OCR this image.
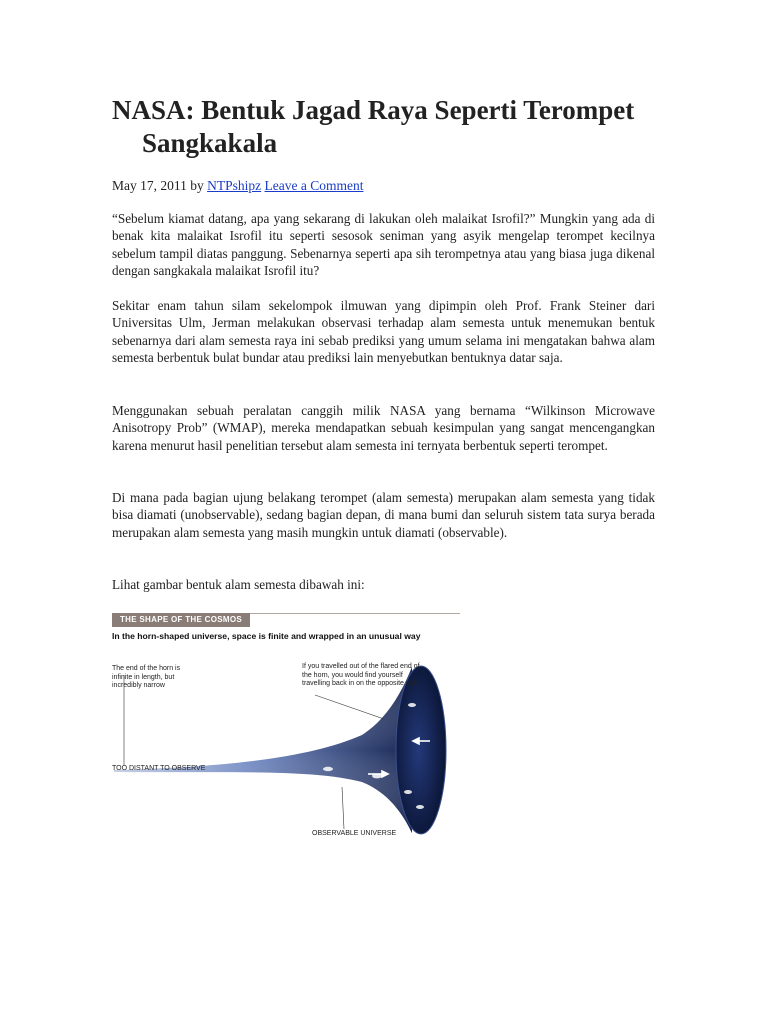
NASA: Bentuk Jagad Raya Seperti Terompet Sangkakala
May 17, 2011 by NTPshipz Leave a Comment

“Sebelum kiamat datang, apa yang sekarang di lakukan oleh malaikat Isrofil?” Mungkin yang ada di benak kita malaikat Isrofil itu seperti sesosok seniman yang asyik mengelap terompet kecilnya sebelum tampil diatas panggung. Sebenarnya seperti apa sih terompetnya atau yang biasa juga dikenal dengan sangkakala malaikat Isrofil itu?

Sekitar enam tahun silam sekelompok ilmuwan yang dipimpin oleh Prof. Frank Steiner dari Universitas Ulm, Jerman melakukan observasi terhadap alam semesta untuk menemukan bentuk sebenarnya dari alam semesta raya ini sebab prediksi yang umum selama ini mengatakan bahwa alam semesta berbentuk bulat bundar atau prediksi lain menyebutkan bentuknya datar saja.

Menggunakan sebuah peralatan canggih milik NASA yang bernama “Wilkinson Microwave Anisotropy Prob” (WMAP), mereka mendapatkan sebuah kesimpulan yang sangat mencengangkan karena menurut hasil penelitian tersebut alam semesta ini ternyata berbentuk seperti terompet.

Di mana pada bagian ujung belakang terompet (alam semesta) merupakan alam semesta yang tidak bisa diamati (unobservable), sedang bagian depan, di mana bumi dan seluruh sistem tata surya berada merupakan alam semesta yang masih mungkin untuk diamati (observable).

Lihat gambar bentuk alam semesta dibawah ini:

THE SHAPE OF THE COSMOS
In the horn-shaped universe, space is finite and wrapped in an unusual way
The end of the horn is infinite in length, but incredibly narrow
If you travelled out of the flared end of the horn, you would find yourself travelling back in on the opposite side
TOO DISTANT TO OBSERVE
OBSERVABLE UNIVERSE
